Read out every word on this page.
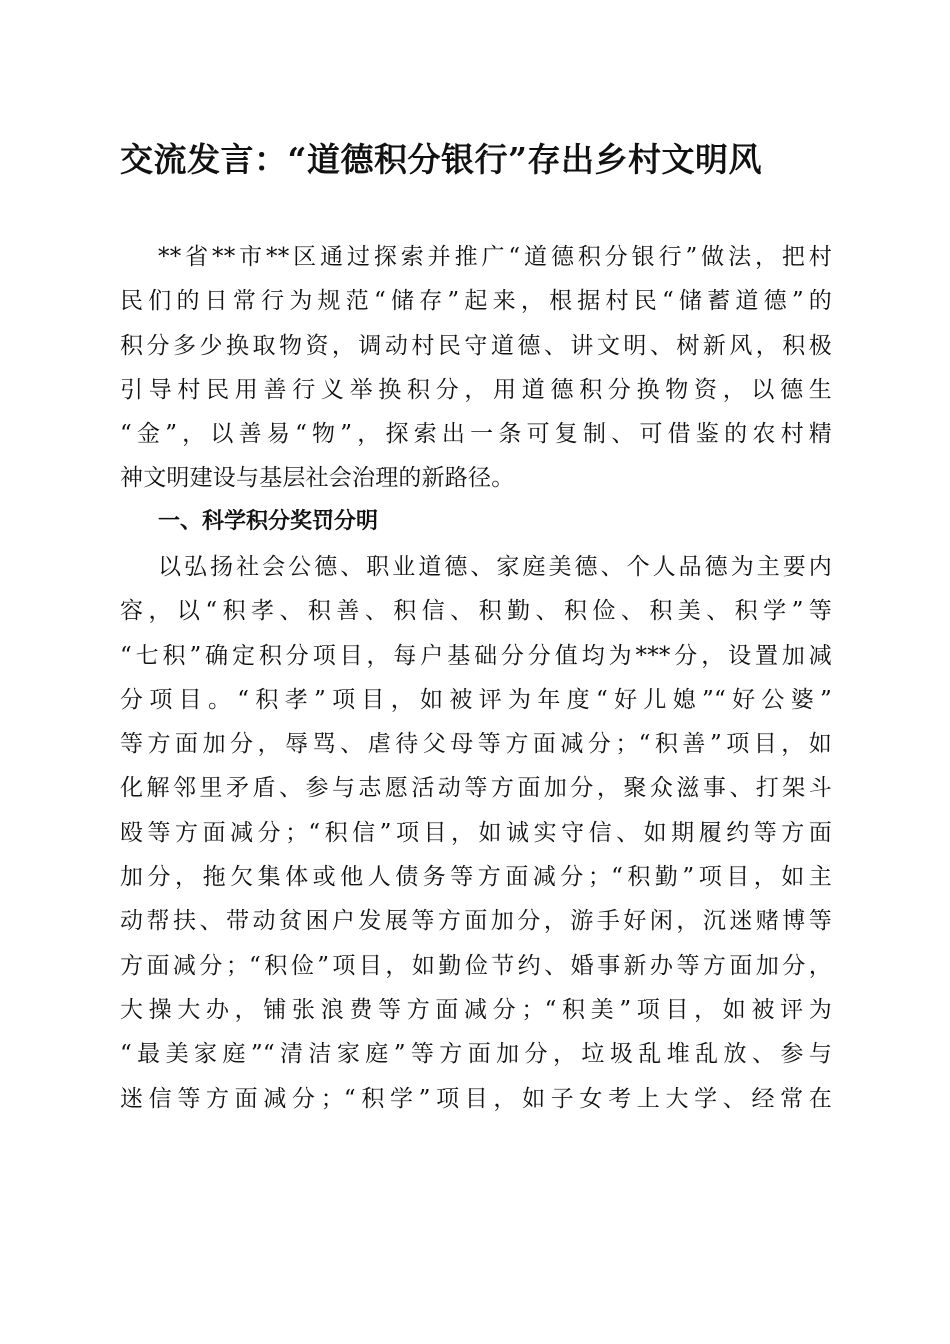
交流发言：“道德积分银行”存出乡村文明风
**省**市**区通过探索并推广“道德积分银行”做法，把村
民们的日常行为规范“储存”起来，根据村民“储蓄道德”的
积分多少换取物资，调动村民守道德、讲文明、树新风，积极
引导村民用善行义举换积分，用道德积分换物资，以德生
“金”，以善易“物”，探索出一条可复制、可借鉴的农村精
神文明建设与基层社会治理的新路径。
一、科学积分奖罚分明
以弘扬社会公德、职业道德、家庭美德、个人品德为主要内
容，以“积孝、积善、积信、积勤、积俭、积美、积学”等
“七积”确定积分项目，每户基础分分值均为***分，设置加减
分项目。“积孝”项目，如被评为年度“好儿媳”“好公婆”
等方面加分，辱骂、虐待父母等方面减分；“积善”项目，如
化解邻里矛盾、参与志愿活动等方面加分，聚众滋事、打架斗
殴等方面减分；“积信”项目，如诚实守信、如期履约等方面
加分，拖欠集体或他人债务等方面减分；“积勤”项目，如主
动帮扶、带动贫困户发展等方面加分，游手好闲，沉迷赌博等
方面减分；“积俭”项目，如勤俭节约、婚事新办等方面加分，
大操大办，铺张浪费等方面减分；“积美”项目，如被评为
“最美家庭”“清洁家庭”等方面加分，垃圾乱堆乱放、参与
迷信等方面减分；“积学”项目，如子女考上大学、经常在
